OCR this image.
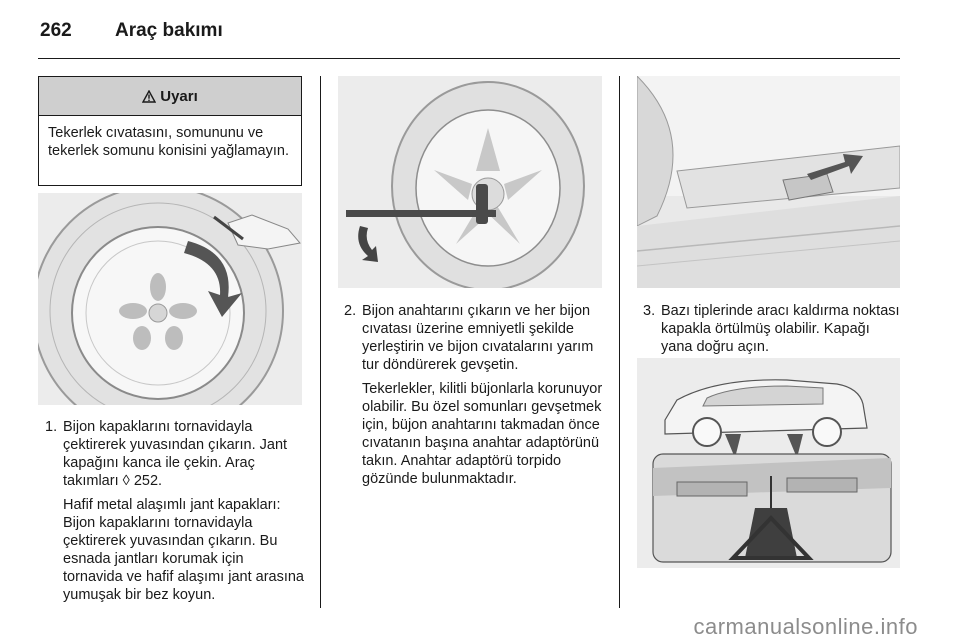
262 Araç bakımı
Uyarı
Tekerlek cıvatasını, somununu ve tekerlek somunu konisini yağlamayın.
1. Bijon kapaklarını tornavidayla çektirerek yuvasından çıkarın. Jant kapağını kanca ile çekin. Araç takımları ◊ 252.
Hafif metal alaşımlı jant kapakları: Bijon kapaklarını tornavidayla çektirerek yuvasından çıkarın. Bu esnada jantları korumak için tornavida ve hafif alaşımı jant arasına yumuşak bir bez koyun.
2. Bijon anahtarını çıkarın ve her bijon cıvatası üzerine emniyetli şekilde yerleştirin ve bijon cıvatalarını yarım tur döndürerek gevşetin.
Tekerlekler, kilitli büjonlarla korunuyor olabilir. Bu özel somunları gevşetmek için, büjon anahtarını takmadan önce cıvatanın başına anahtar adaptörünü takın. Anahtar adaptörü torpido gözünde bulunmaktadır.
3. Bazı tiplerinde aracı kaldırma noktası kapakla örtülmüş olabilir. Kapağı yana doğru açın.
carmanualsonline.info
